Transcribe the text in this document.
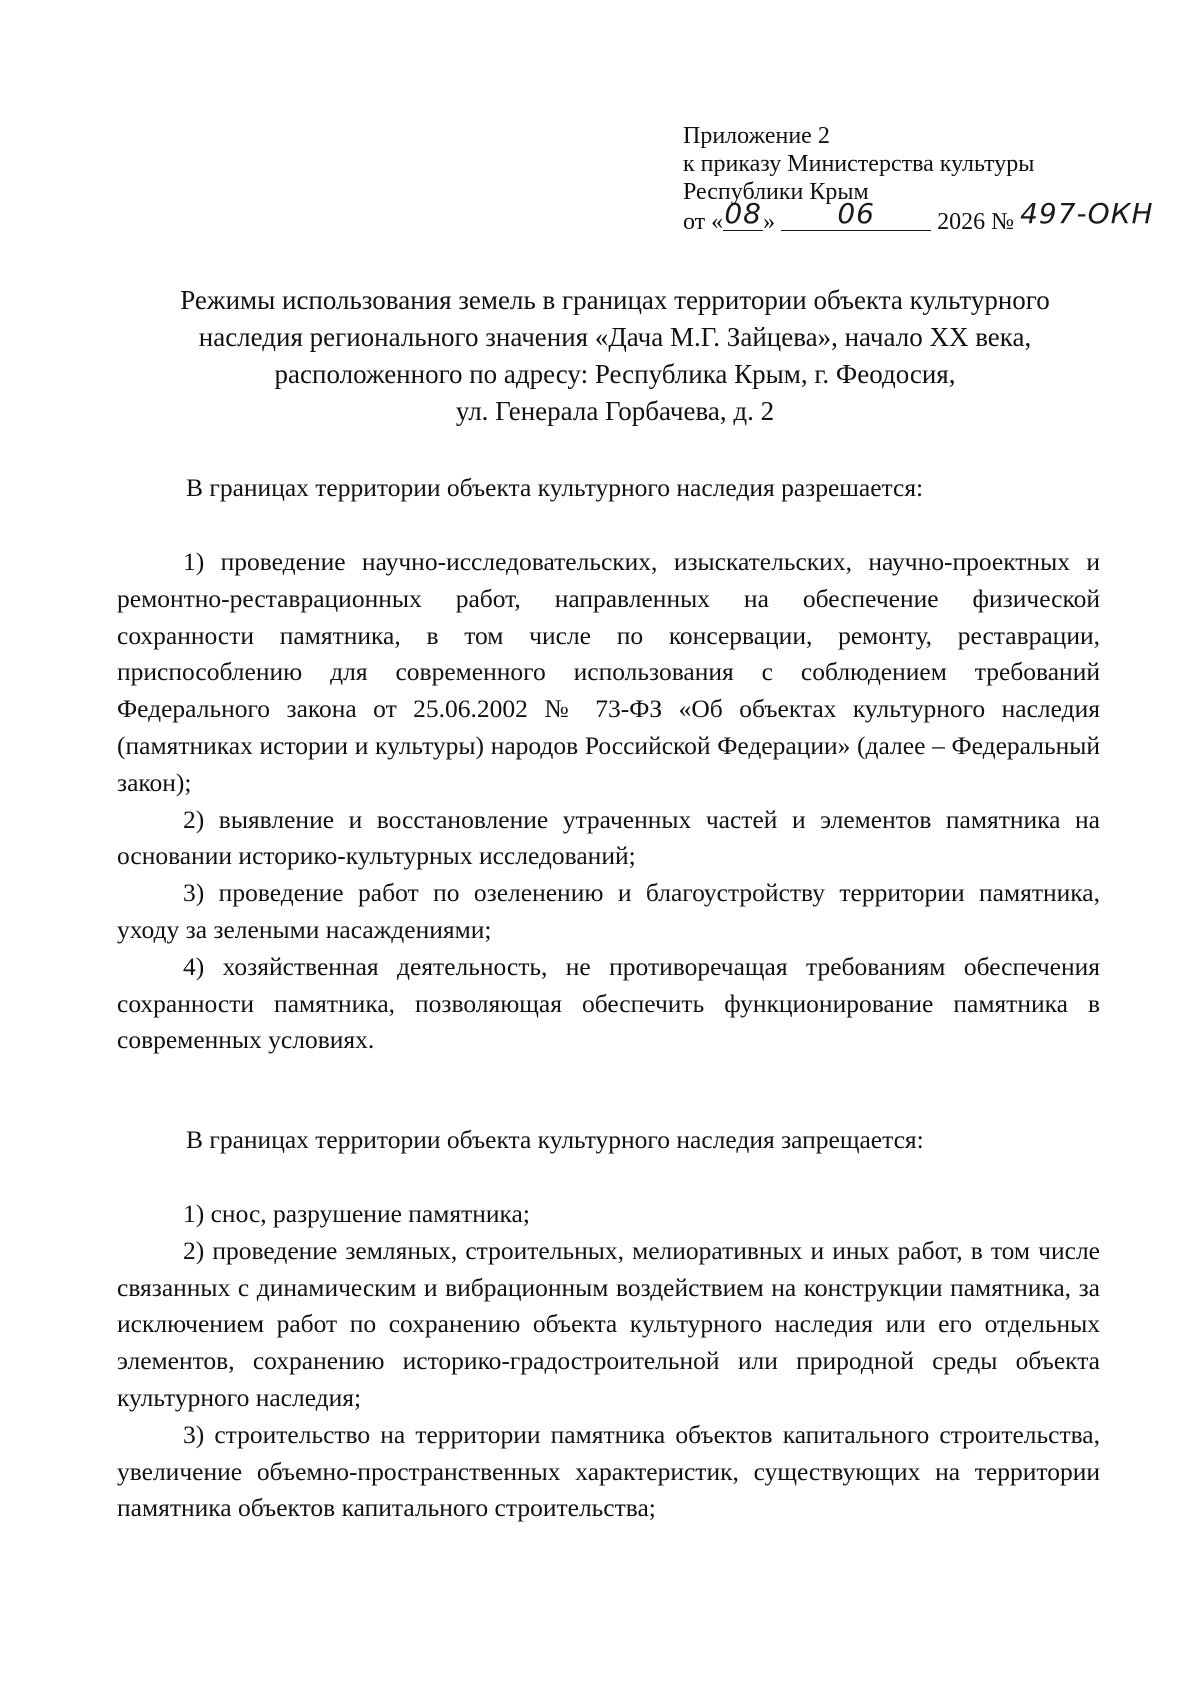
Приложение 2
к приказу Министерства культуры
Республики Крым
от «08» 06	2026 № 497-ОКН
Режимы использования земель в границах территории объекта культурного
наследия регионального значения «Дача М.Г. Зайцева», начало XX века,
расположенного по адресу: Республика Крым, г. Феодосия,
ул. Генерала Горбачева, д. 2
В границах территории объекта культурного наследия разрешается:

1) проведение научно-исследовательских, изыскательских, научно-проектных и ремонтно-реставрационных работ, направленных на обеспечение физической сохранности памятника, в том числе по консервации, ремонту, реставрации, приспособлению для современного использования с соблюдением требований Федерального закона от 25.06.2002 № 73-ФЗ «Об объектах культурного наследия (памятниках истории и культуры) народов Российской Федерации» (далее – Федеральный закон);

2) выявление и восстановление утраченных частей и элементов памятника на основании историко-культурных исследований;

3) проведение работ по озеленению и благоустройству территории памятника, уходу за зелеными насаждениями;

4) хозяйственная деятельность, не противоречащая требованиям обеспечения сохранности памятника, позволяющая обеспечить функционирование памятника в современных условиях.

В границах территории объекта культурного наследия запрещается:

1) снос, разрушение памятника;

2) проведение земляных, строительных, мелиоративных и иных работ, в том числе связанных с динамическим и вибрационным воздействием на конструкции памятника, за исключением работ по сохранению объекта культурного наследия или его отдельных элементов, сохранению историко-градостроительной или природной среды объекта культурного наследия;

3) строительство на территории памятника объектов капитального строительства, увеличение объемно-пространственных характеристик, существующих на территории памятника объектов капитального строительства;
